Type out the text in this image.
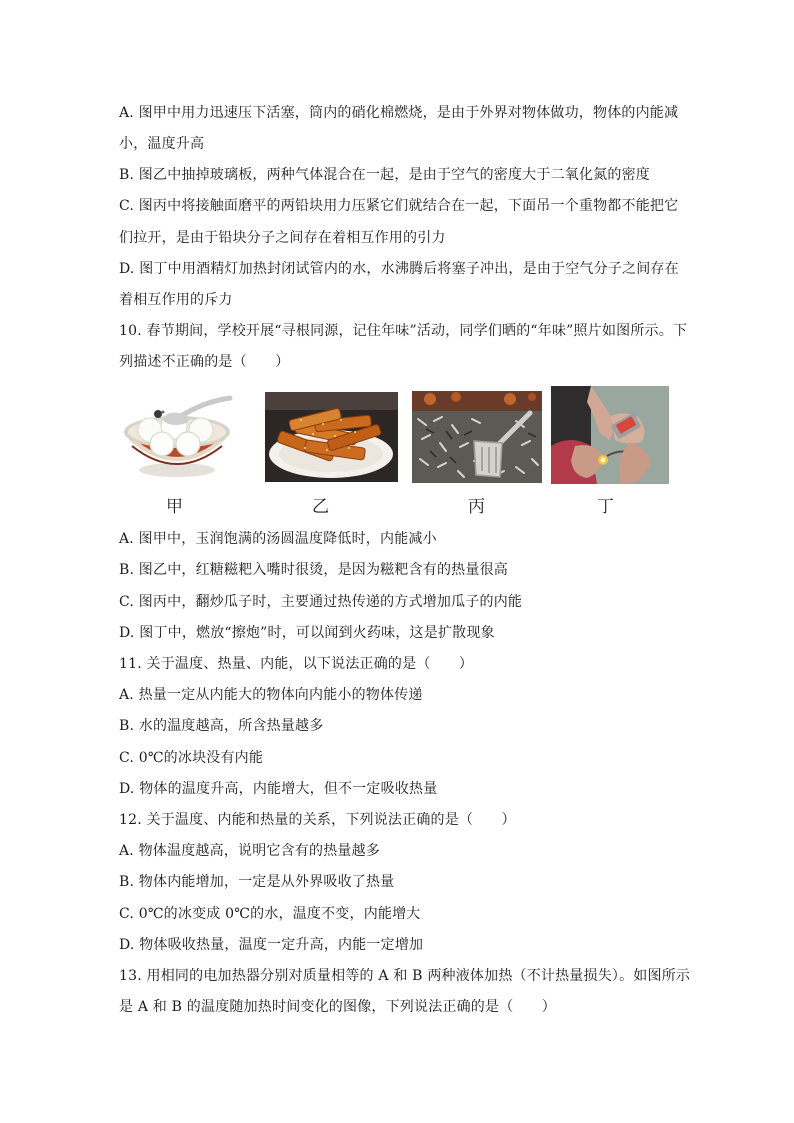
A. 图甲中用力迅速压下活塞，筒内的硝化棉燃烧，是由于外界对物体做功，物体的内能减
小，温度升高
B. 图乙中抽掉玻璃板，两种气体混合在一起，是由于空气的密度大于二氧化氮的密度
C. 图丙中将接触面磨平的两铅块用力压紧它们就结合在一起，下面吊一个重物都不能把它
们拉开，是由于铅块分子之间存在着相互作用的引力
D. 图丁中用酒精灯加热封闭试管内的水，水沸腾后将塞子冲出，是由于空气分子之间存在
着相互作用的斥力
10. 春节期间，学校开展“寻根同源，记住年味”活动，同学们晒的“年味”照片如图所示。下
列描述不正确的是（　　）
甲	乙	丙	丁
A. 图甲中，玉润饱满的汤圆温度降低时，内能减小
B. 图乙中，红糖糍粑入嘴时很烫，是因为糍粑含有的热量很高
C. 图丙中，翻炒瓜子时，主要通过热传递的方式增加瓜子的内能
D. 图丁中，燃放“擦炮”时，可以闻到火药味，这是扩散现象
11. 关于温度、热量、内能，以下说法正确的是（　　）
A. 热量一定从内能大的物体向内能小的物体传递
B. 水的温度越高，所含热量越多
C. 0℃的冰块没有内能
D. 物体的温度升高，内能增大，但不一定吸收热量
12. 关于温度、内能和热量的关系，下列说法正确的是（　　）
A. 物体温度越高，说明它含有的热量越多
B. 物体内能增加，一定是从外界吸收了热量
C. 0℃的冰变成 0℃的水，温度不变，内能增大
D. 物体吸收热量，温度一定升高，内能一定增加
13. 用相同的电加热器分别对质量相等的 A 和 B 两种液体加热（不计热量损失）。如图所示
是 A 和 B 的温度随加热时间变化的图像，下列说法正确的是（　　）
